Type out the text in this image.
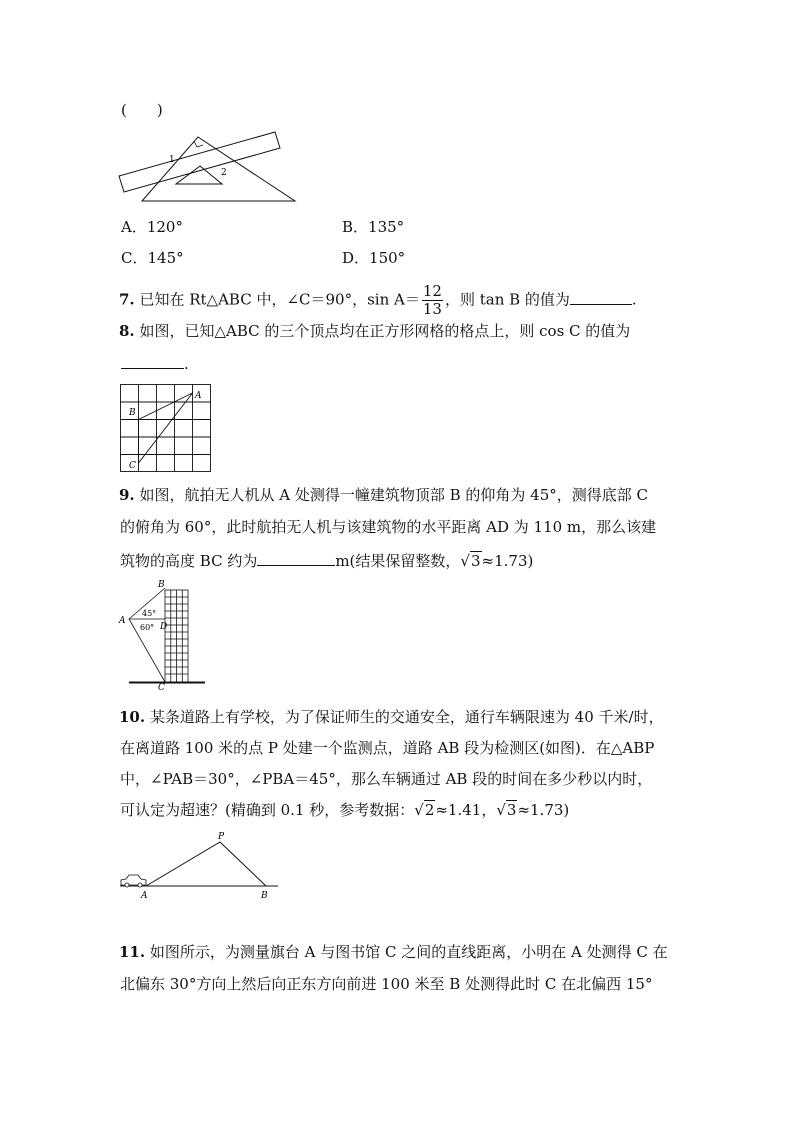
(　　)
1
2
A．120°	B．135°
C．145°	D．150°
7. 已知在 Rt△ABC 中，∠C＝90°，$\sin A= \frac{12}{13}$ ，则 tan B 的值为	.
8. 如图，已知△ABC 的三个顶点均在正方形网格的格点上，则 cos C 的值为
.
A
B
C
9. 如图，航拍无人机从 A 处测得一幢建筑物顶部 B 的仰角为 45°，测得底部 C
的俯角为 60°，此时航拍无人机与该建筑物的水平距离 AD 为 110 m，那么该建
筑物的高度 BC 约为	m(结果保留整数，√3≈1.73)
B
A
C
D
45°
60°
10. 某条道路上有学校，为了保证师生的交通安全，通行车辆限速为 40 千米/时，
在离道路 100 米的点 P 处建一个监测点，道路 AB 段为检测区(如图)．在△ABP
中，∠PAB＝30°，∠PBA＝45°，那么车辆通过 AB 段的时间在多少秒以内时，
可认定为超速？(精确到 0.1 秒，参考数据：√2≈1.41，√3≈1.73)
P
A	B
11. 如图所示，为测量旗台 A 与图书馆 C 之间的直线距离，小明在 A 处测得 C 在
北偏东 30°方向上然后向正东方向前进 100 米至 B 处测得此时 C 在北偏西 15°
